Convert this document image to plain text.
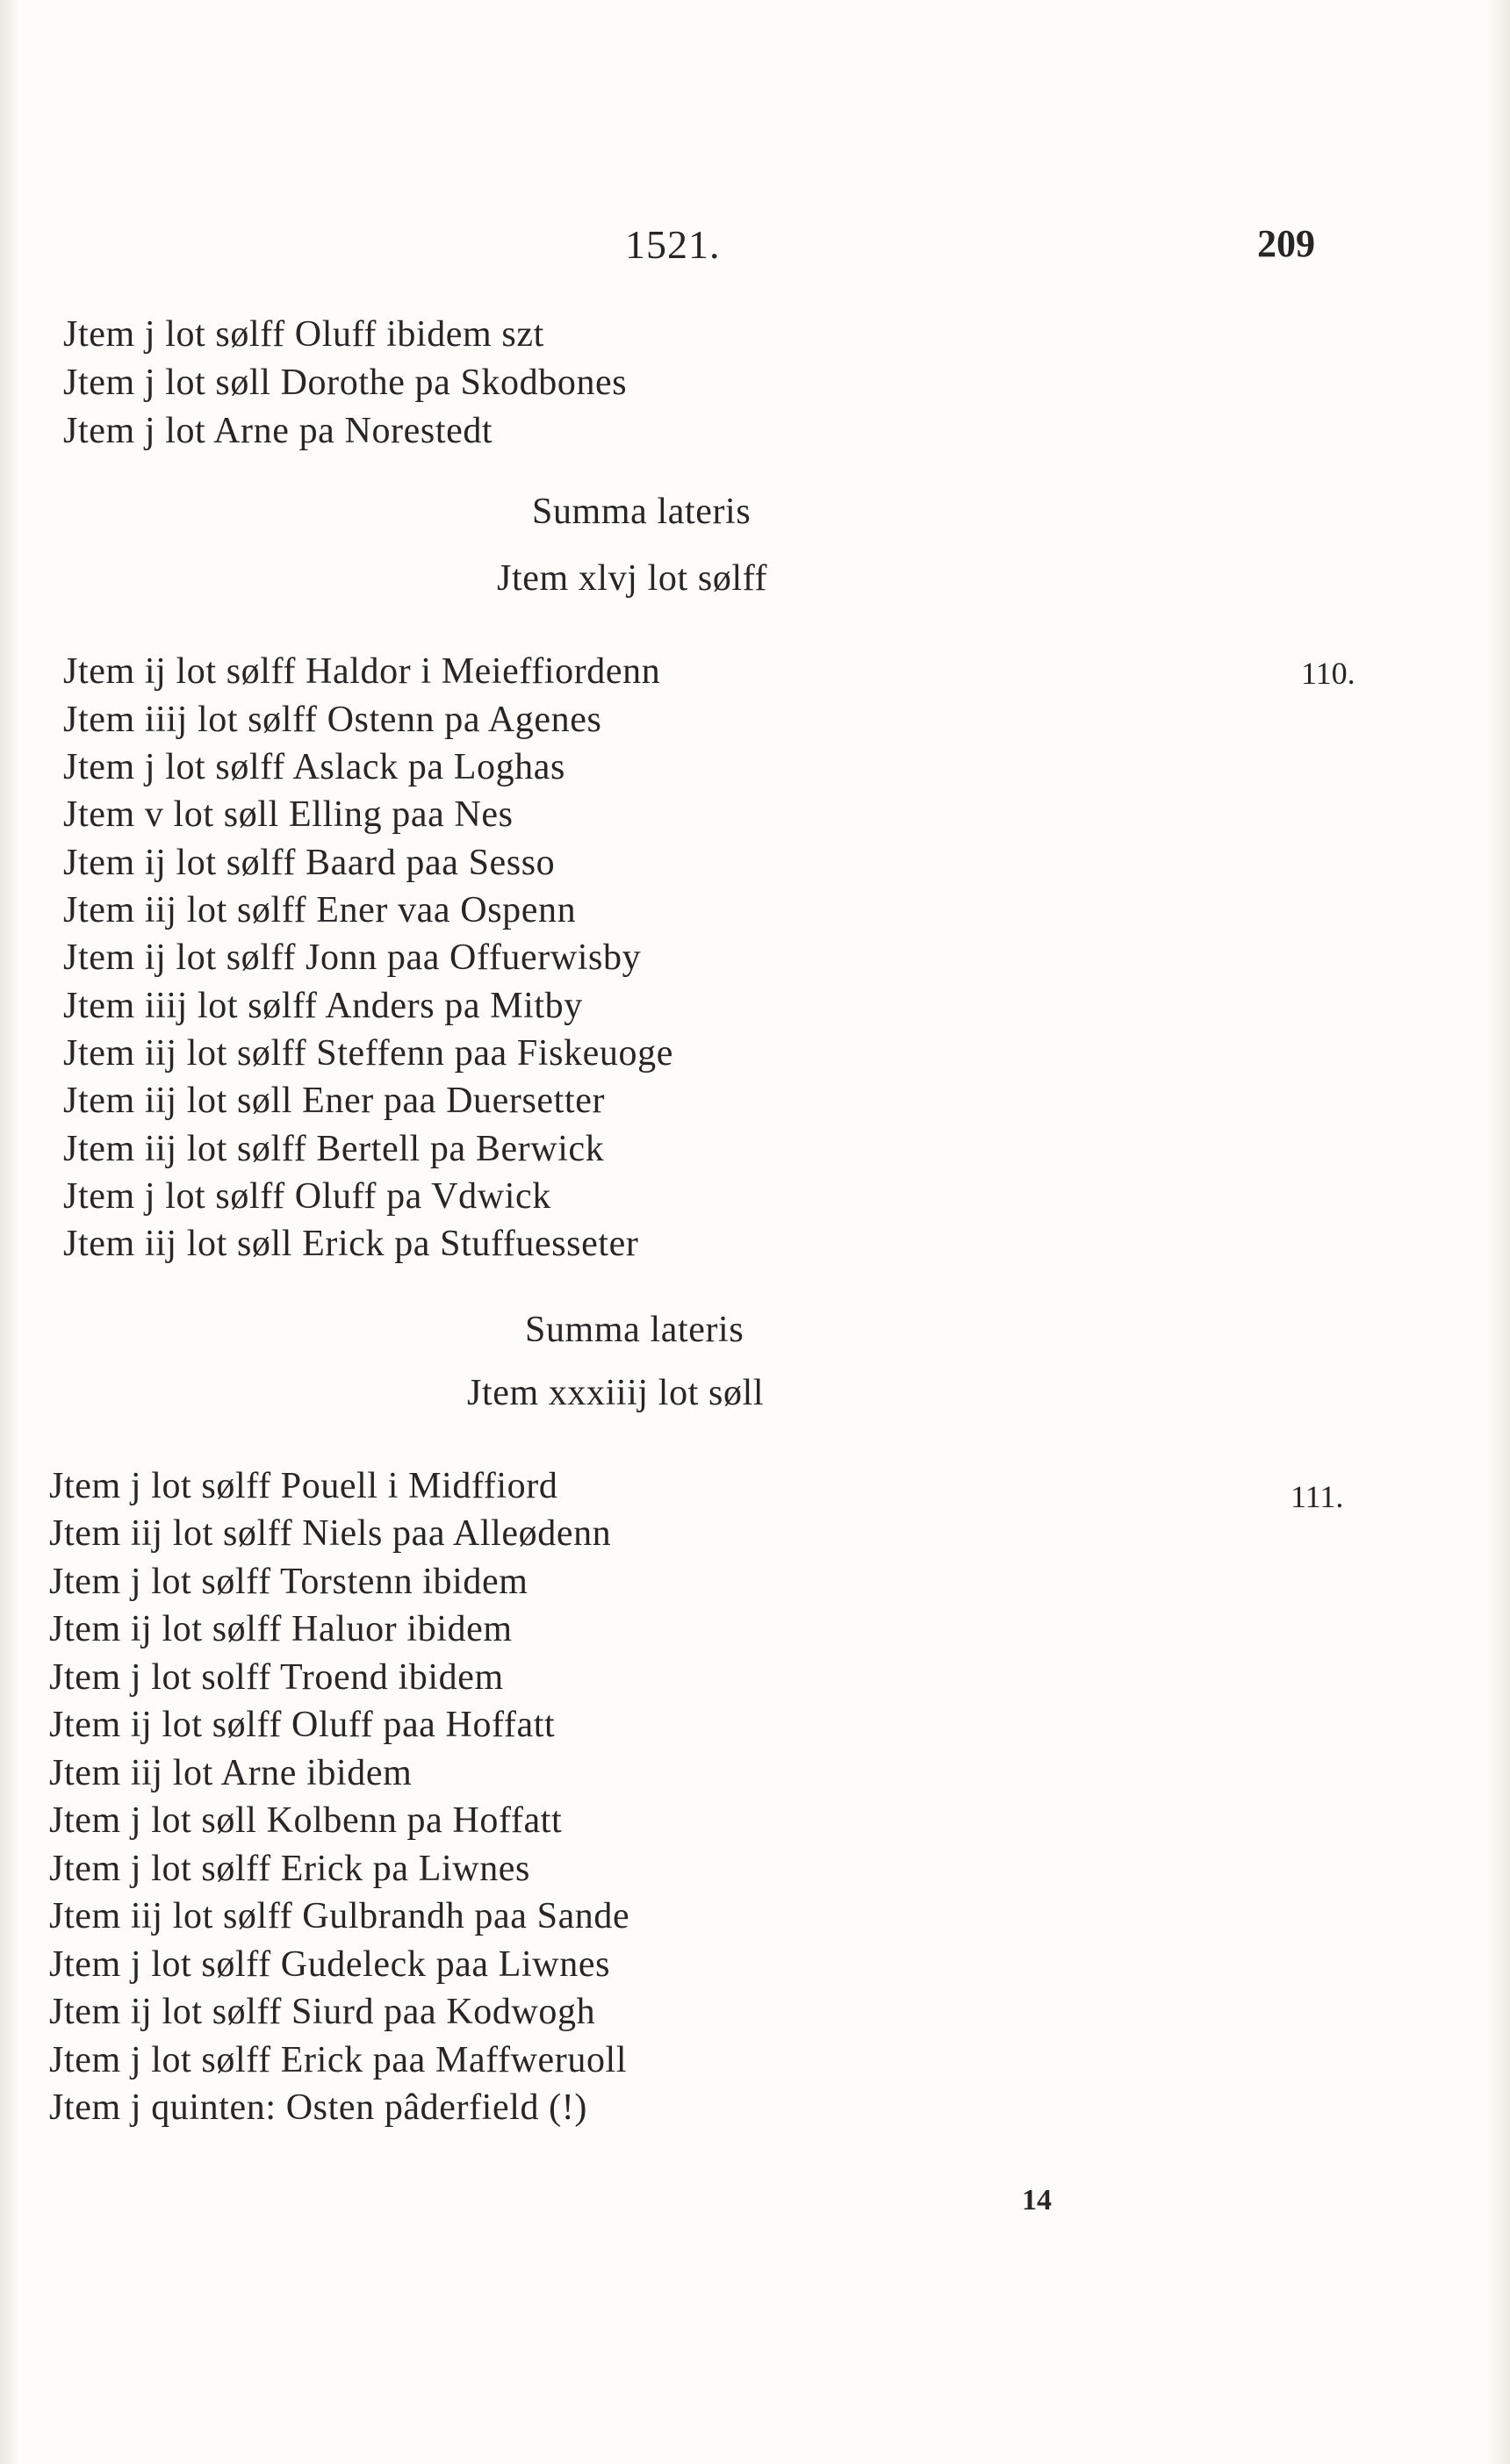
1521.	209
Jtem j lot sølff Oluff ibidem szt
Jtem j lot søll Dorothe pa Skodbones
Jtem j lot Arne pa Norestedt
Summa lateris
Jtem xlvj lot sølff
110.
Jtem ij lot sølff Haldor i Meieffiordenn
Jtem iiij lot sølff Ostenn pa Agenes
Jtem j lot sølff Aslack pa Loghas
Jtem v lot søll Elling paa Nes
Jtem ij lot sølff Baard paa Sesso
Jtem iij lot sølff Ener vaa Ospenn
Jtem ij lot sølff Jonn paa Offuerwisby
Jtem iiij lot sølff Anders pa Mitby
Jtem iij lot sølff Steffenn paa Fiskeuoge
Jtem iij lot søll Ener paa Duersetter
Jtem iij lot sølff Bertell pa Berwick
Jtem j lot sølff Oluff pa Vdwick
Jtem iij lot søll Erick pa Stuffuesseter
Summa lateris
Jtem xxxiiij lot søll
111.
Jtem j lot sølff Pouell i Midffiord
Jtem iij lot sølff Niels paa Alleødenn
Jtem j lot sølff Torstenn ibidem
Jtem ij lot sølff Haluor ibidem
Jtem j lot solff Troend ibidem
Jtem ij lot sølff Oluff paa Hoffatt
Jtem iij lot Arne ibidem
Jtem j lot søll Kolbenn pa Hoffatt
Jtem j lot sølff Erick pa Liwnes
Jtem iij lot sølff Gulbrandh paa Sande
Jtem j lot sølff Gudeleck paa Liwnes
Jtem ij lot sølff Siurd paa Kodwogh
Jtem j lot sølff Erick paa Maffweruoll
Jtem j quinten: Osten pâderfield (!)
14
